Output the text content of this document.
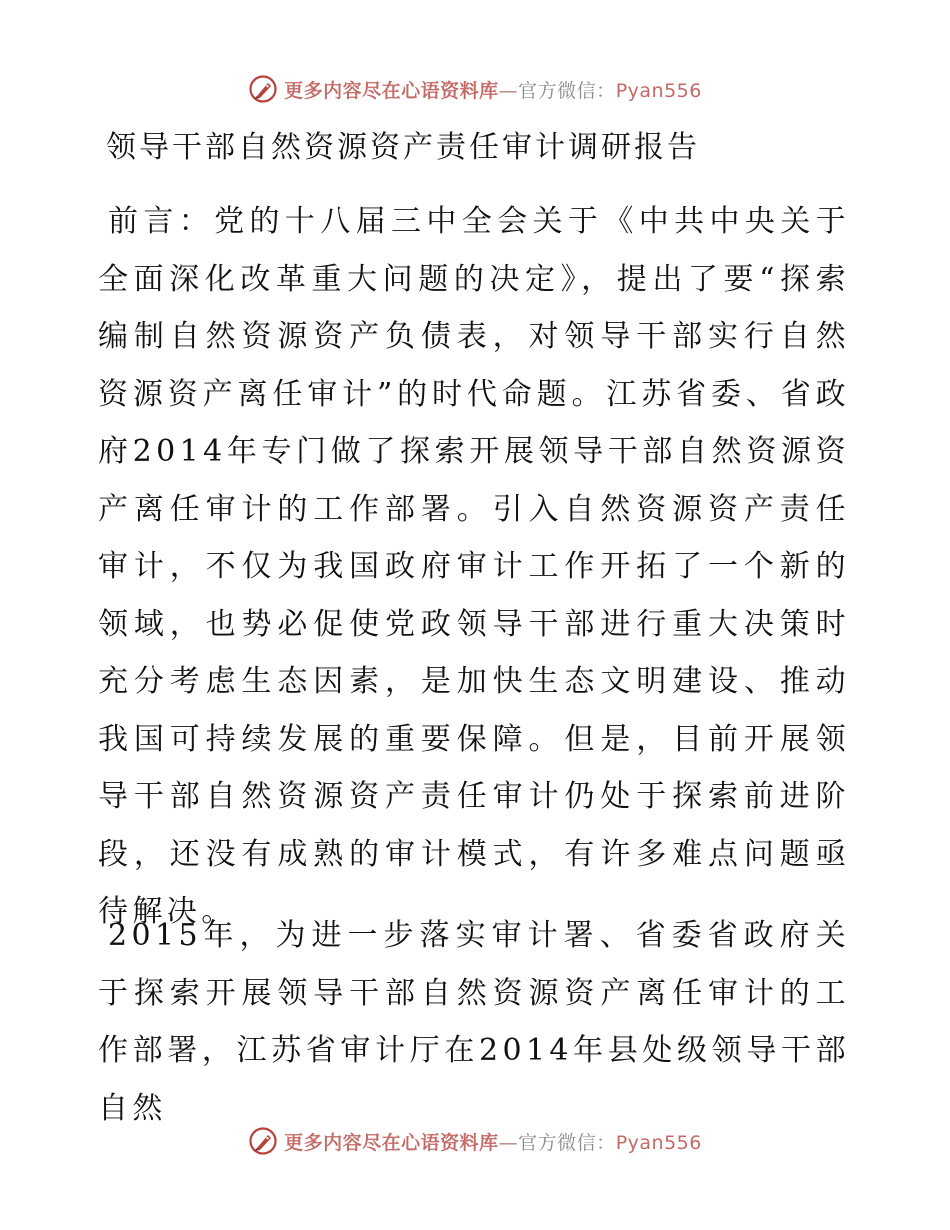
更多内容尽在心语资料库—官方微信：Pyan556
领导干部自然资源资产责任审计调研报告
前言：党的十八届三中全会关于《中共中央关于全面深化改革重大问题的决定》，提出了要“探索编制自然资源资产负债表，对领导干部实行自然资源资产离任审计”的时代命题。江苏省委、省政府2014年专门做了探索开展领导干部自然资源资产离任审计的工作部署。引入自然资源资产责任审计，不仅为我国政府审计工作开拓了一个新的领域，也势必促使党政领导干部进行重大决策时充分考虑生态因素，是加快生态文明建设、推动我国可持续发展的重要保障。但是，目前开展领导干部自然资源资产责任审计仍处于探索前进阶段，还没有成熟的审计模式，有许多难点问题亟待解决。
2015年，为进一步落实审计署、省委省政府关于探索开展领导干部自然资源资产离任审计的工作部署，江苏省审计厅在2014年县处级领导干部自然
更多内容尽在心语资料库—官方微信：Pyan556
